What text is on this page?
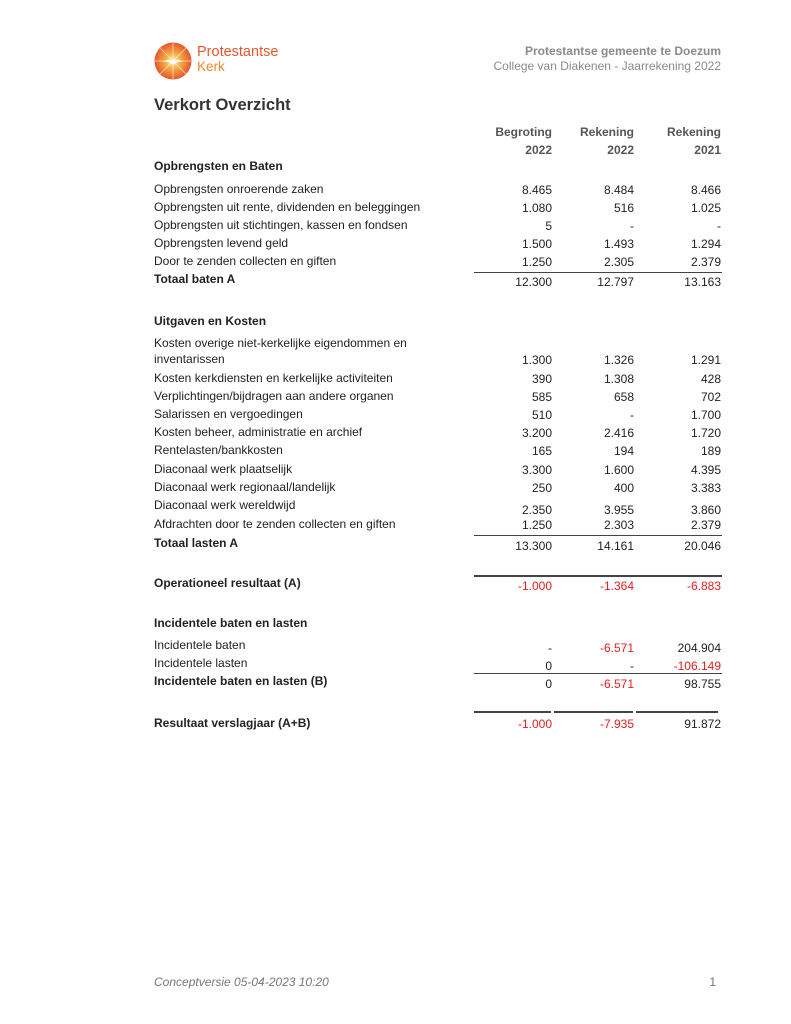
Protestantse
Kerk
Protestantse gemeente te Doezum
College van Diakenen - Jaarrekening 2022
Verkort Overzicht
Begroting
2022
Rekening
2022
Rekening
2021
Opbrengsten en Baten
Opbrengsten onroerende zaken	8.465	8.484	8.466
Opbrengsten uit rente, dividenden en beleggingen	1.080	516	1.025
Opbrengsten uit stichtingen, kassen en fondsen	5	-	-
Opbrengsten levend geld	1.500	1.493	1.294
Door te zenden collecten en giften	1.250	2.305	2.379
Totaal baten A	12.300	12.797	13.163
Uitgaven en Kosten
Kosten overige niet-kerkelijke eigendommen en inventarissen	1.300	1.326	1.291
Kosten kerkdiensten en kerkelijke activiteiten	390	1.308	428
Verplichtingen/bijdragen aan andere organen	585	658	702
Salarissen en vergoedingen	510	-	1.700
Kosten beheer, administratie en archief	3.200	2.416	1.720
Rentelasten/bankkosten	165	194	189
Diaconaal werk plaatselijk	3.300	1.600	4.395
Diaconaal werk regionaal/landelijk	250	400	3.383
Diaconaal werk wereldwijd	2.350	3.955	3.860
Afdrachten door te zenden collecten en giften	1.250	2.303	2.379
Totaal lasten A	13.300	14.161	20.046
Operationeel resultaat (A)	-1.000	-1.364	-6.883
Incidentele baten en lasten
Incidentele baten	-	-6.571	204.904
Incidentele lasten	0	-	-106.149
Incidentele baten en lasten (B)	0	-6.571	98.755
Resultaat verslagjaar (A+B)	-1.000	-7.935	91.872
Conceptversie 05-04-2023 10:20	1
